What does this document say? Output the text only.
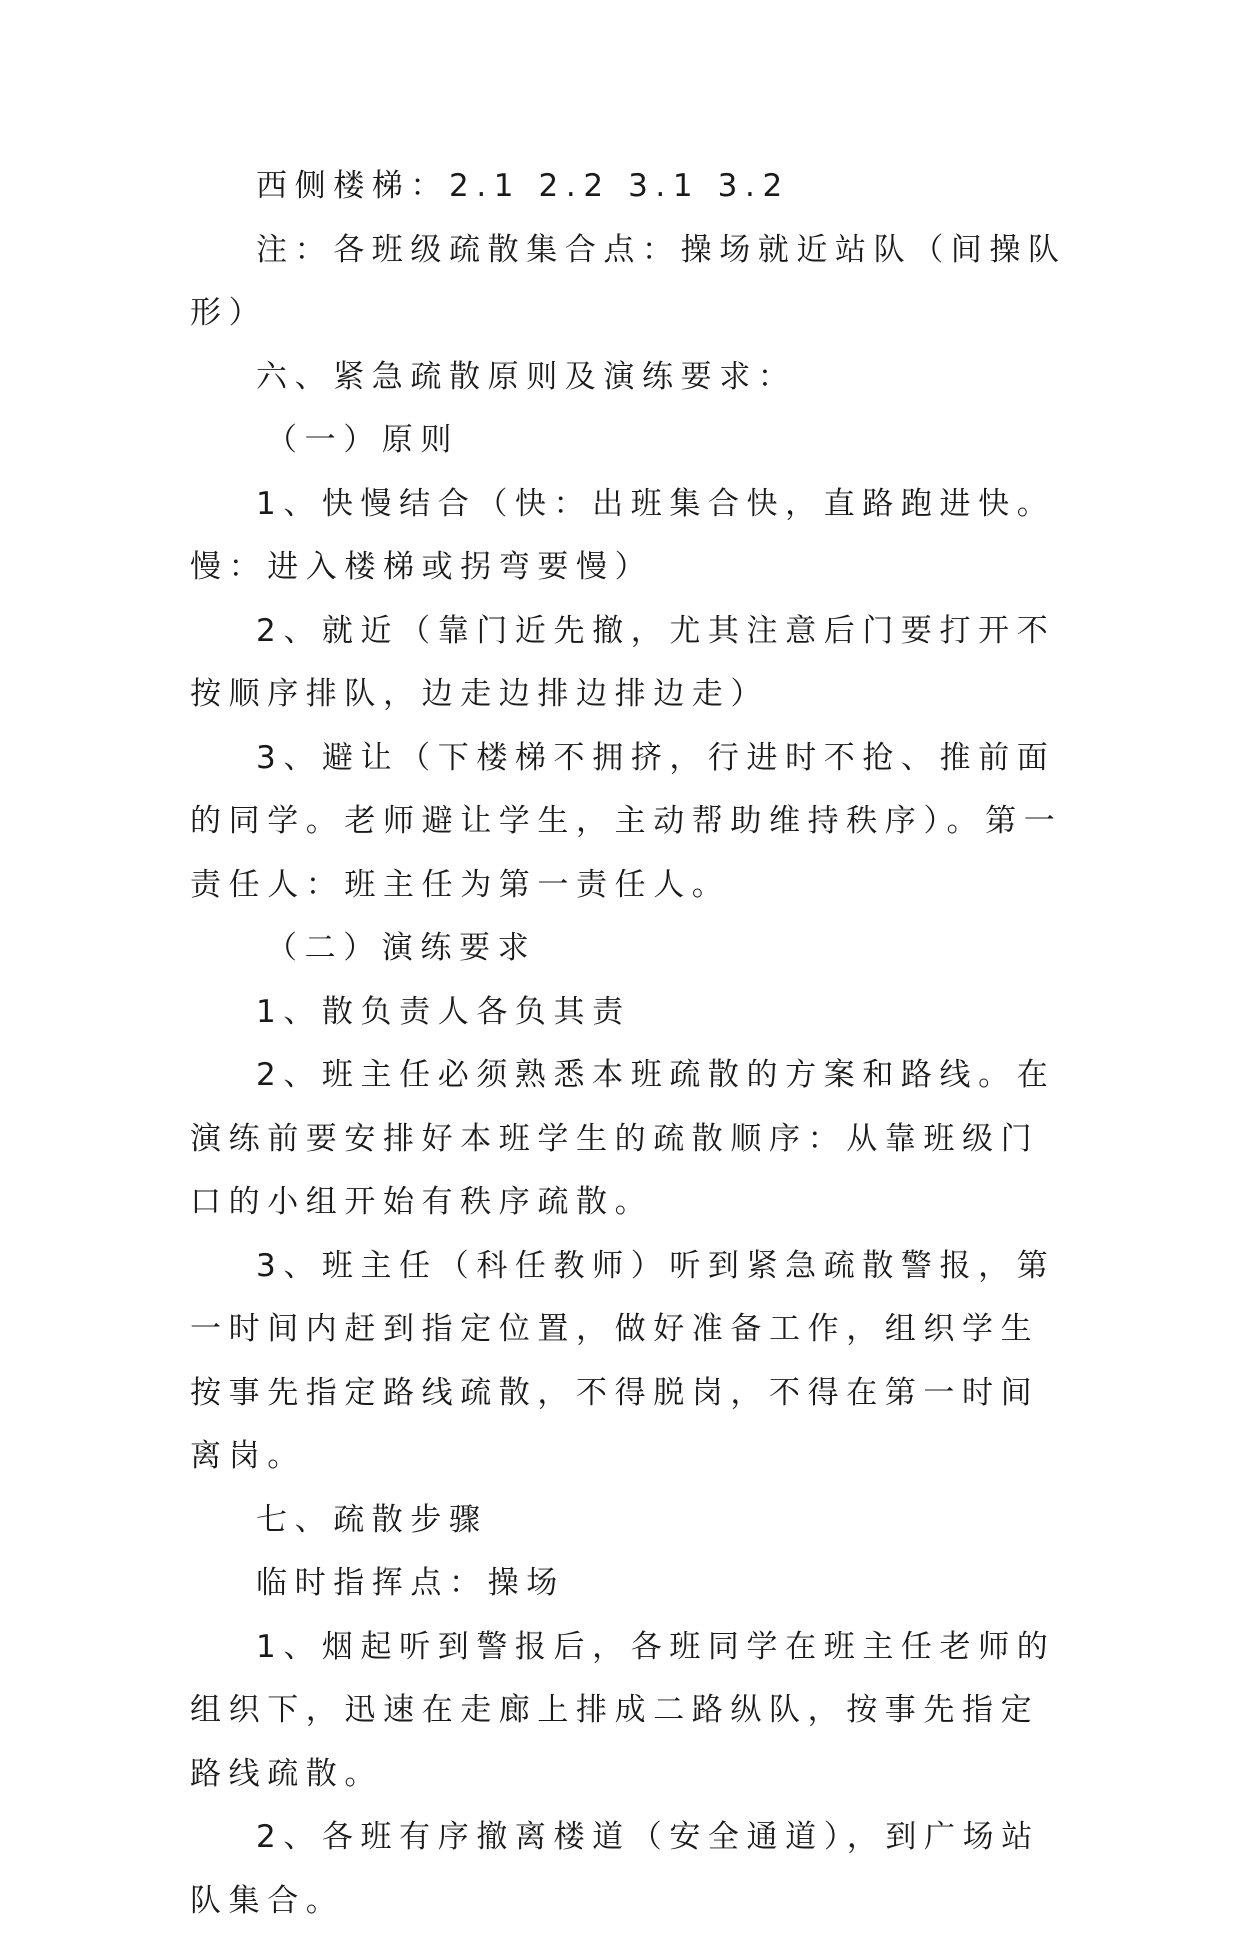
西侧楼梯：2.1 2.2 3.1 3.2

注：各班级疏散集合点：操场就近站队（间操队形）

六、紧急疏散原则及演练要求：

（一）原则

1、快慢结合（快：出班集合快，直路跑进快。慢：进入楼梯或拐弯要慢）

2、就近（靠门近先撤，尤其注意后门要打开不按顺序排队，边走边排边排边走）

3、避让（下楼梯不拥挤，行进时不抢、推前面的同学。老师避让学生，主动帮助维持秩序）。第一责任人：班主任为第一责任人。

（二）演练要求

1、散负责人各负其责

2、班主任必须熟悉本班疏散的方案和路线。在演练前要安排好本班学生的疏散顺序：从靠班级门口的小组开始有秩序疏散。

3、班主任（科任教师）听到紧急疏散警报，第一时间内赶到指定位置，做好准备工作，组织学生按事先指定路线疏散，不得脱岗，不得在第一时间离岗。

七、疏散步骤

临时指挥点：操场

1、烟起听到警报后，各班同学在班主任老师的组织下，迅速在走廊上排成二路纵队，按事先指定路线疏散。

2、各班有序撤离楼道（安全通道），到广场站队集合。
